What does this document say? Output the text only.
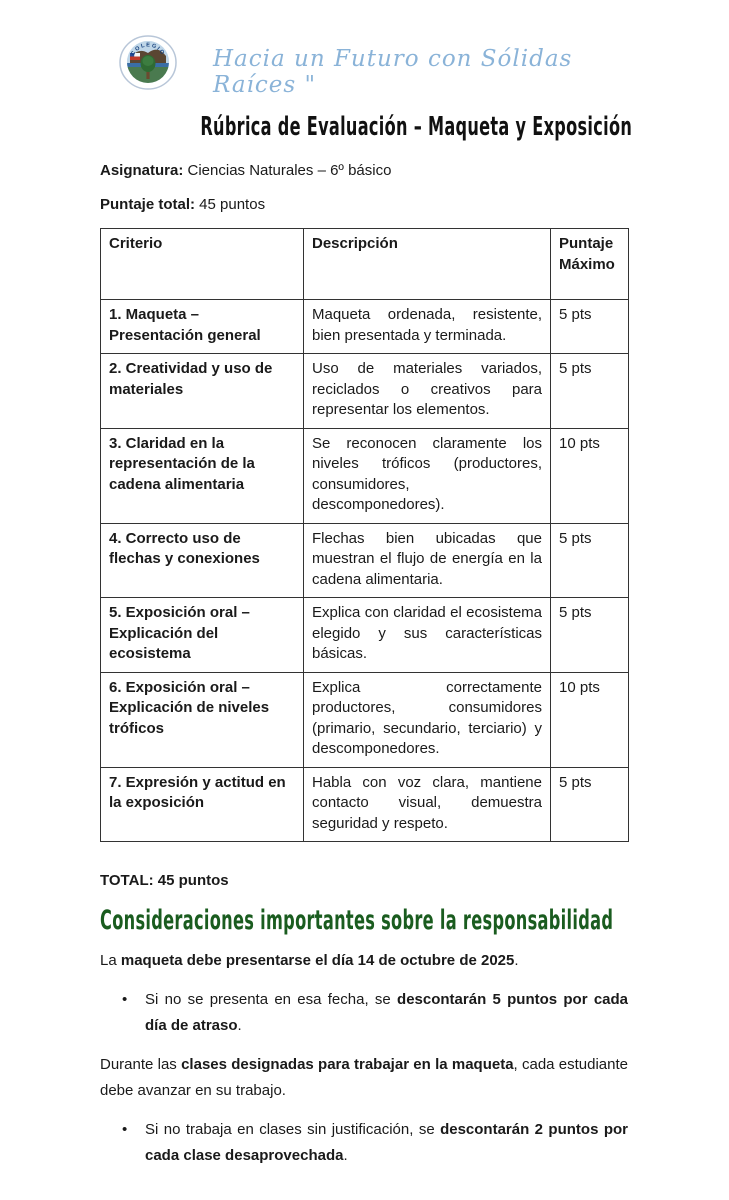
COLEGIO Hacia un Futuro con Sólidas Raíces "
Rúbrica de Evaluación – Maqueta y Exposición

Asignatura: Ciencias Naturales – 6º básico

Puntaje total: 45 puntos

Criterio	Descripción	Puntaje Máximo
1. Maqueta – Presentación general	Maqueta ordenada, resistente, bien presentada y terminada.	5 pts
2. Creatividad y uso de materiales	Uso de materiales variados, reciclados o creativos para representar los elementos.	5 pts
3. Claridad en la representación de la cadena alimentaria	Se reconocen claramente los niveles tróficos (productores, consumidores, descomponedores).	10 pts
4. Correcto uso de flechas y conexiones	Flechas bien ubicadas que muestran el flujo de energía en la cadena alimentaria.	5 pts
5. Exposición oral – Explicación del ecosistema	Explica con claridad el ecosistema elegido y sus características básicas.	5 pts
6. Exposición oral – Explicación de niveles tróficos	Explica correctamente productores, consumidores (primario, secundario, terciario) y descomponedores.	10 pts
7. Expresión y actitud en la exposición	Habla con voz clara, mantiene contacto visual, demuestra seguridad y respeto.	5 pts

TOTAL: 45 puntos

Consideraciones importantes sobre la responsabilidad
La maqueta debe presentarse el día 14 de octubre de 2025.
• Si no se presenta en esa fecha, se descontarán 5 puntos por cada día de atraso.
Durante las clases designadas para trabajar en la maqueta, cada estudiante debe avanzar en su trabajo.
• Si no trabaja en clases sin justificación, se descontarán 2 puntos por cada clase desaprovechada.
